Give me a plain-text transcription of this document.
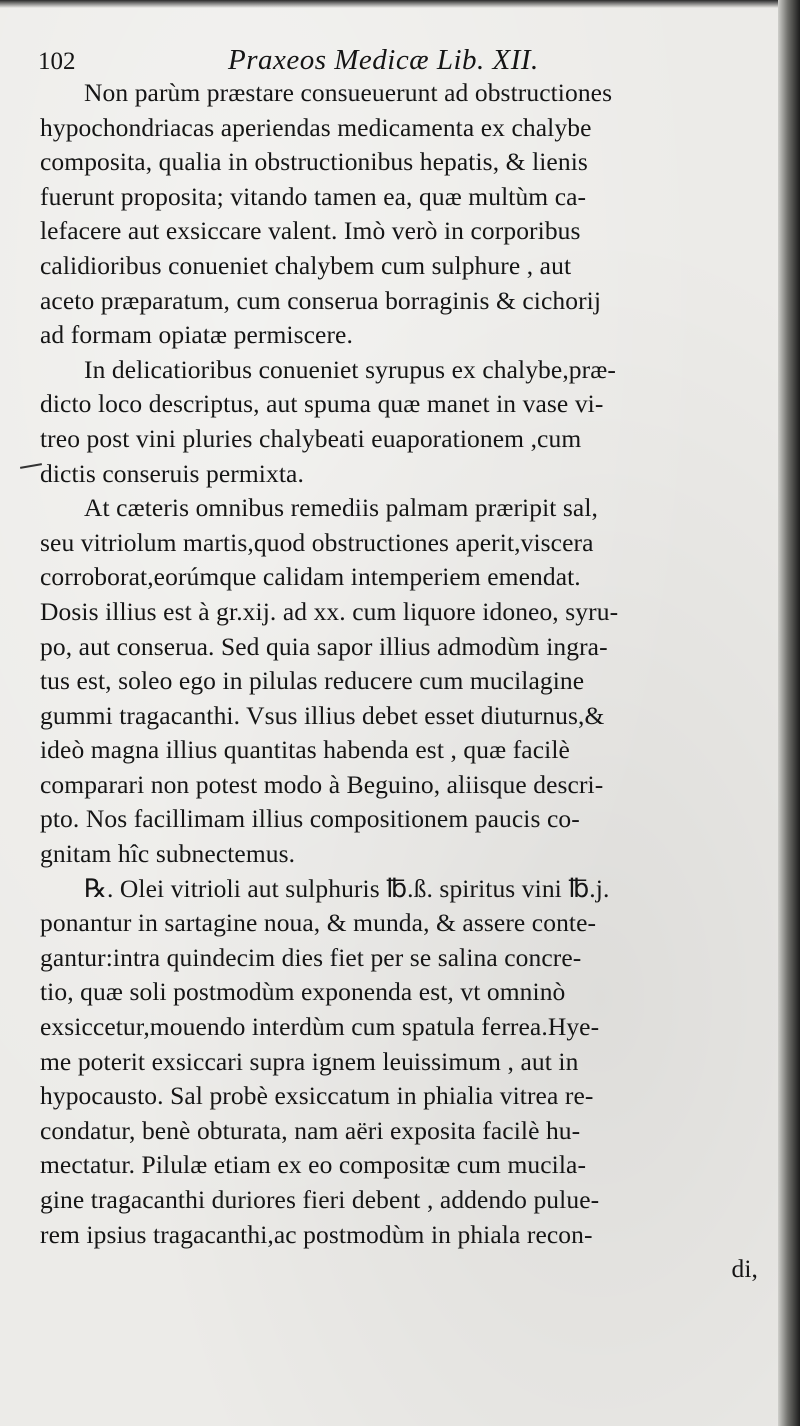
102	Praxeos Medicæ Lib. XII.
Non parùm præstare consueuerunt ad obstructiones
hypochondriacas aperiendas medicamenta ex chalybe
composita, qualia in obstructionibus hepatis, & lienis
fuerunt proposita; vitando tamen ea, quæ multùm ca-
lefacere aut exsiccare valent. Imò verò in corporibus
calidioribus conueniet chalybem cum sulphure , aut
aceto præparatum, cum conserua borraginis & cichorij
ad formam opiatæ permiscere.
In delicatioribus conueniet syrupus ex chalybe,præ-
dicto loco descriptus, aut spuma quæ manet in vase vi-
treo post vini pluries chalybeati euaporationem ,cum
dictis conseruis permixta.
At cæteris omnibus remediis palmam præripit sal,
seu vitriolum martis,quod obstructiones aperit,viscera
corroborat,eorúmque calidam intemperiem emendat.
Dosis illius est à gr.xij. ad xx. cum liquore idoneo, syru-
po, aut conserua. Sed quia sapor illius admodùm ingra-
tus est, soleo ego in pilulas reducere cum mucilagine
gummi tragacanthi. Vsus illius debet esset diuturnus,&
ideò magna illius quantitas habenda est , quæ facilè
comparari non potest modo à Beguino, aliisque descri-
pto. Nos facillimam illius compositionem paucis co-
gnitam hîc subnectemus.
℞. Olei vitrioli aut sulphuris ℔.ß. spiritus vini ℔.j.
ponantur in sartagine noua, & munda, & assere conte-
gantur:intra quindecim dies fiet per se salina concre-
tio, quæ soli postmodùm exponenda est, vt omninò
exsiccetur,mouendo interdùm cum spatula ferrea.Hye-
me poterit exsiccari supra ignem leuissimum , aut in
hypocausto. Sal probè exsiccatum in phialia vitrea re-
condatur, benè obturata, nam aëri exposita facilè hu-
mectatur. Pilulæ etiam ex eo compositæ cum mucila-
gine tragacanthi duriores fieri debent , addendo pulue-
rem ipsius tragacanthi,ac postmodùm in phiala recon-
di,
